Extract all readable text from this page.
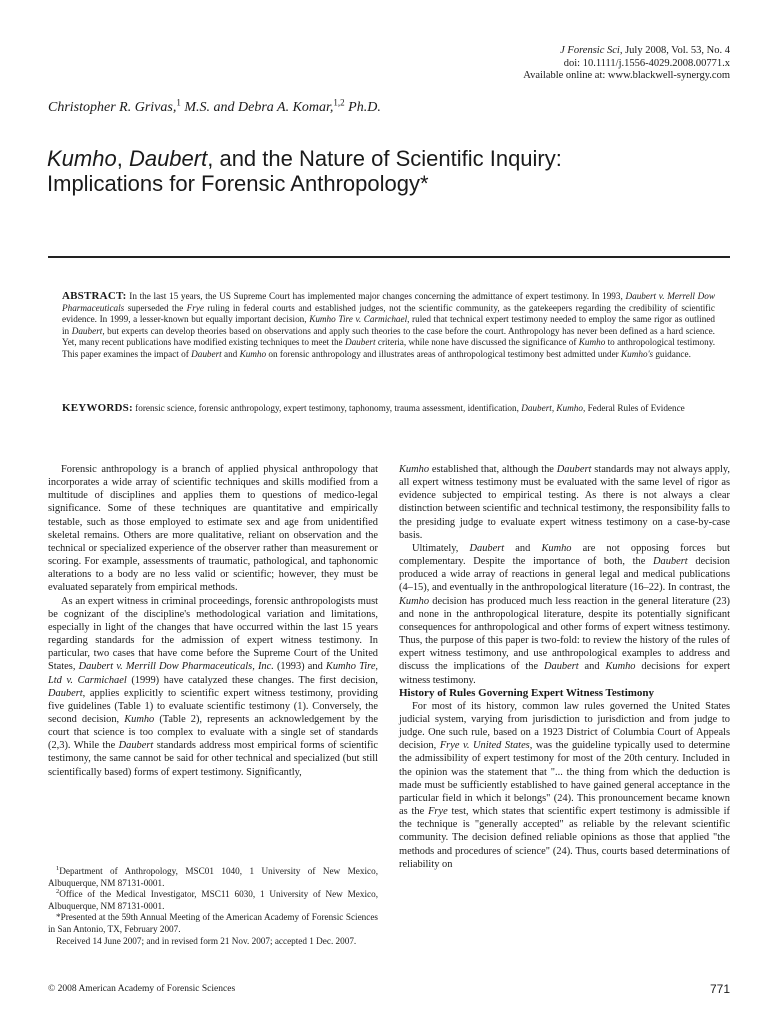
J Forensic Sci, July 2008, Vol. 53, No. 4
doi: 10.1111/j.1556-4029.2008.00771.x
Available online at: www.blackwell-synergy.com
Christopher R. Grivas,$^1$ M.S. and Debra A. Komar,$^{1,2}$ Ph.D.
Kumho, Daubert, and the Nature of Scientific Inquiry: Implications for Forensic Anthropology*
ABSTRACT: In the last 15 years, the US Supreme Court has implemented major changes concerning the admittance of expert testimony. In 1993, Daubert v. Merrell Dow Pharmaceuticals superseded the Frye ruling in federal courts and established judges, not the scientific community, as the gatekeepers regarding the credibility of scientific evidence. In 1999, a lesser-known but equally important decision, Kumho Tire v. Carmichael, ruled that technical expert testimony needed to employ the same rigor as outlined in Daubert, but experts can develop theories based on observations and apply such theories to the case before the court. Anthropology has never been defined as a hard science. Yet, many recent publications have modified existing techniques to meet the Daubert criteria, while none have discussed the significance of Kumho to anthropological testimony. This paper examines the impact of Daubert and Kumho on forensic anthropology and illustrates areas of anthropological testimony best admitted under Kumho's guidance.
KEYWORDS: forensic science, forensic anthropology, expert testimony, taphonomy, trauma assessment, identification, Daubert, Kumho, Federal Rules of Evidence

Forensic anthropology is a branch of applied physical anthropology that incorporates a wide array of scientific techniques and skills modified from a multitude of disciplines and applies them to questions of medico-legal significance. Some of these techniques are quantitative and empirically testable, such as those employed to estimate sex and age from unidentified skeletal remains. Others are more qualitative, reliant on observation and the technical or specialized experience of the observer rather than measurement or scoring. For example, assessments of traumatic, pathological, and taphonomic alterations to a body are no less valid or scientific; however, they must be evaluated separately from empirical methods.

As an expert witness in criminal proceedings, forensic anthropologists must be cognizant of the discipline's methodological variation and limitations, especially in light of the changes that have occurred within the last 15 years regarding standards for the admission of expert witness testimony. In particular, two cases that have come before the Supreme Court of the United States, Daubert v. Merrill Dow Pharmaceuticals, Inc. (1993) and Kumho Tire, Ltd v. Carmichael (1999) have catalyzed these changes. The first decision, Daubert, applies explicitly to scientific expert witness testimony, providing five guidelines (Table 1) to evaluate scientific testimony (1). Conversely, the second decision, Kumho (Table 2), represents an acknowledgement by the court that science is too complex to evaluate with a single set of standards (2,3). While the Daubert standards address most empirical forms of scientific testimony, the same cannot be said for other technical and specialized (but still scientifically based) forms of expert testimony. Significantly,

$^1$Department of Anthropology, MSC01 1040, 1 University of New Mexico, Albuquerque, NM 87131-0001.

$^2$Office of the Medical Investigator, MSC11 6030, 1 University of New Mexico, Albuquerque, NM 87131-0001.

*Presented at the 59th Annual Meeting of the American Academy of Forensic Sciences in San Antonio, TX, February 2007.

Received 14 June 2007; and in revised form 21 Nov. 2007; accepted 1 Dec. 2007.

Kumho established that, although the Daubert standards may not always apply, all expert witness testimony must be evaluated with the same level of rigor as evidence subjected to empirical testing. As there is not always a clear distinction between scientific and technical testimony, the responsibility falls to the presiding judge to evaluate expert witness testimony on a case-by-case basis.

Ultimately, Daubert and Kumho are not opposing forces but complementary. Despite the importance of both, the Daubert decision produced a wide array of reactions in general legal and medical publications (4–15), and eventually in the anthropological literature (16–22). In contrast, the Kumho decision has produced much less reaction in the general literature (23) and none in the anthropological literature, despite its potentially significant consequences for anthropological and other forms of expert witness testimony. Thus, the purpose of this paper is two-fold: to review the history of the rules of expert witness testimony, and use anthropological examples to address and discuss the implications of the Daubert and Kumho decisions for expert witness testimony.

History of Rules Governing Expert Witness Testimony

For most of its history, common law rules governed the United States judicial system, varying from jurisdiction to jurisdiction and from judge to judge. One such rule, based on a 1923 District of Columbia Court of Appeals decision, Frye v. United States, was the guideline typically used to determine the admissibility of expert testimony for most of the 20th century. Included in the opinion was the statement that "... the thing from which the deduction is made must be sufficiently established to have gained general acceptance in the particular field in which it belongs" (24). This pronouncement became known as the Frye test, which states that scientific expert testimony is admissible if the technique is "generally accepted" as reliable by the relevant scientific community. The decision defined reliable opinions as those that applied "the methods and procedures of science" (24). Thus, courts based determinations of reliability on

© 2008 American Academy of Forensic Sciences	771
